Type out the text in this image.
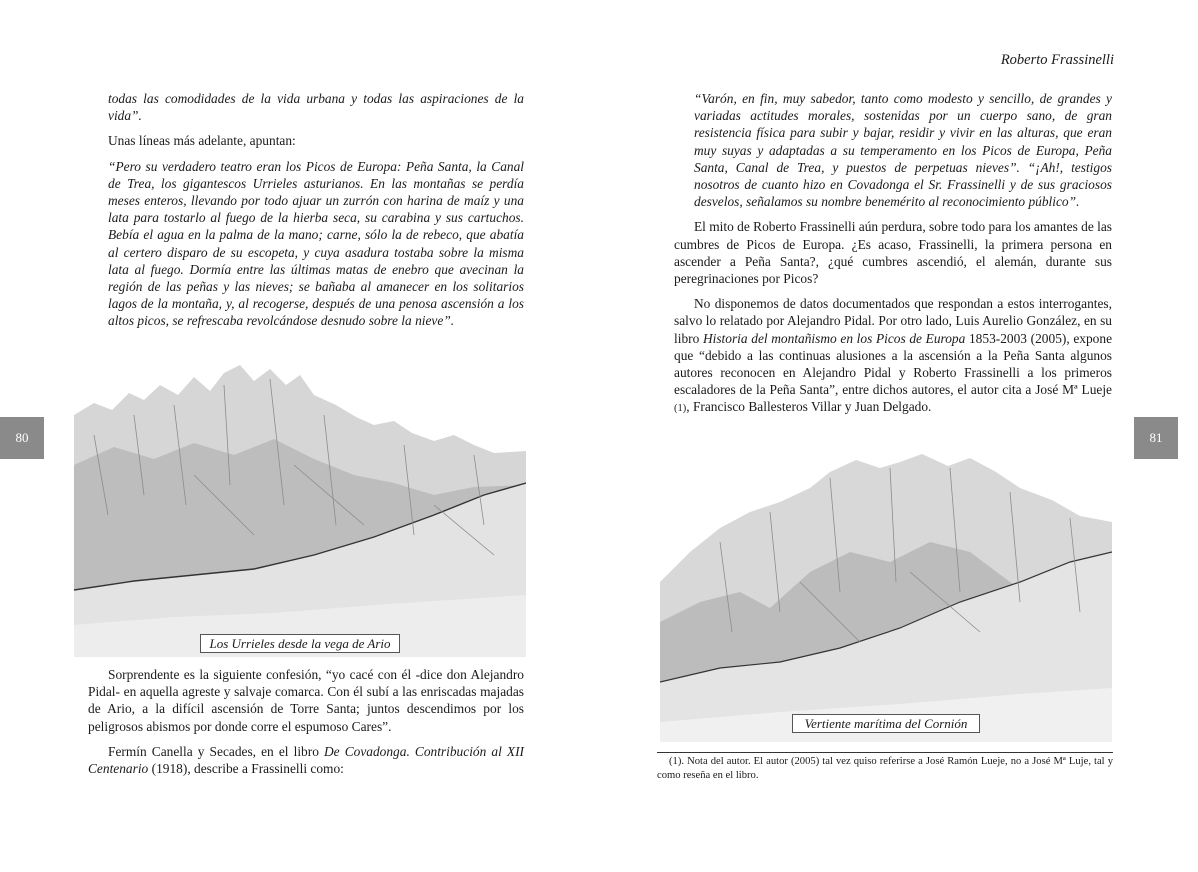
Roberto Frassinelli
80	81

todas las comodidades de la vida urbana y todas las aspiraciones de la vida”.

Unas líneas más adelante, apuntan:

“Pero su verdadero teatro eran los Picos de Europa: Peña Santa, la Canal de Trea, los gigantescos Urrieles asturianos. En las montañas se perdía meses enteros, llevando por todo ajuar un zurrón con harina de maíz y una lata para tostarlo al fuego de la hierba seca, su carabina y sus cartuchos. Bebía el agua en la palma de la mano; carne, sólo la de rebeco, que abatía al certero disparo de su escopeta, y cuya asadura tostaba sobre la misma lata al fuego. Dormía entre las últimas matas de enebro que avecinan la región de las peñas y las nieves; se bañaba al amanecer en los solitarios lagos de la montaña, y, al recogerse, después de una penosa ascensión a los altos picos, se refrescaba revolcándose desnudo sobre la nieve”.

Los Urrieles desde la vega de Ario

Sorprendente es la siguiente confesión, “yo cacé con él -dice don Alejandro Pidal- en aquella agreste y salvaje comarca. Con él subí a las enriscadas majadas de Ario, a la difícil ascensión de Torre Santa; juntos descendimos por los peligrosos abismos por donde corre el espumoso Cares”.

Fermín Canella y Secades, en el libro De Covadonga. Contribución al XII Centenario (1918), describe a Frassinelli como:

“Varón, en fin, muy sabedor, tanto como modesto y sencillo, de grandes y variadas actitudes morales, sostenidas por un cuerpo sano, de gran resistencia física para subir y bajar, residir y vivir en las alturas, que eran muy suyas y adaptadas a su temperamento en los Picos de Europa, Peña Santa, Canal de Trea, y puestos de perpetuas nieves”. “¡Ah!, testigos nosotros de cuanto hizo en Covadonga el Sr. Frassinelli y de sus graciosos desvelos, señalamos su nombre benemérito al reconocimiento público”.

El mito de Roberto Frassinelli aún perdura, sobre todo para los amantes de las cumbres de Picos de Europa. ¿Es acaso, Frassinelli, la primera persona en ascender a Peña Santa?, ¿qué cumbres ascendió, el alemán, durante sus peregrinaciones por Picos?

No disponemos de datos documentados que respondan a estos interrogantes, salvo lo relatado por Alejandro Pidal. Por otro lado, Luis Aurelio González, en su libro Historia del montañismo en los Picos de Europa 1853-2003 (2005), expone que “debido a las continuas alusiones a la ascensión a la Peña Santa algunos autores reconocen en Alejandro Pidal y Roberto Frassinelli a los primeros escaladores de la Peña Santa”, entre dichos autores, el autor cita a José Mª Lueje (1), Francisco Ballesteros Villar y Juan Delgado.

Vertiente marítima del Cornión

(1). Nota del autor. El autor (2005) tal vez quiso referirse a José Ramón Lueje, no a José Mª Luje, tal y como reseña en el libro.
